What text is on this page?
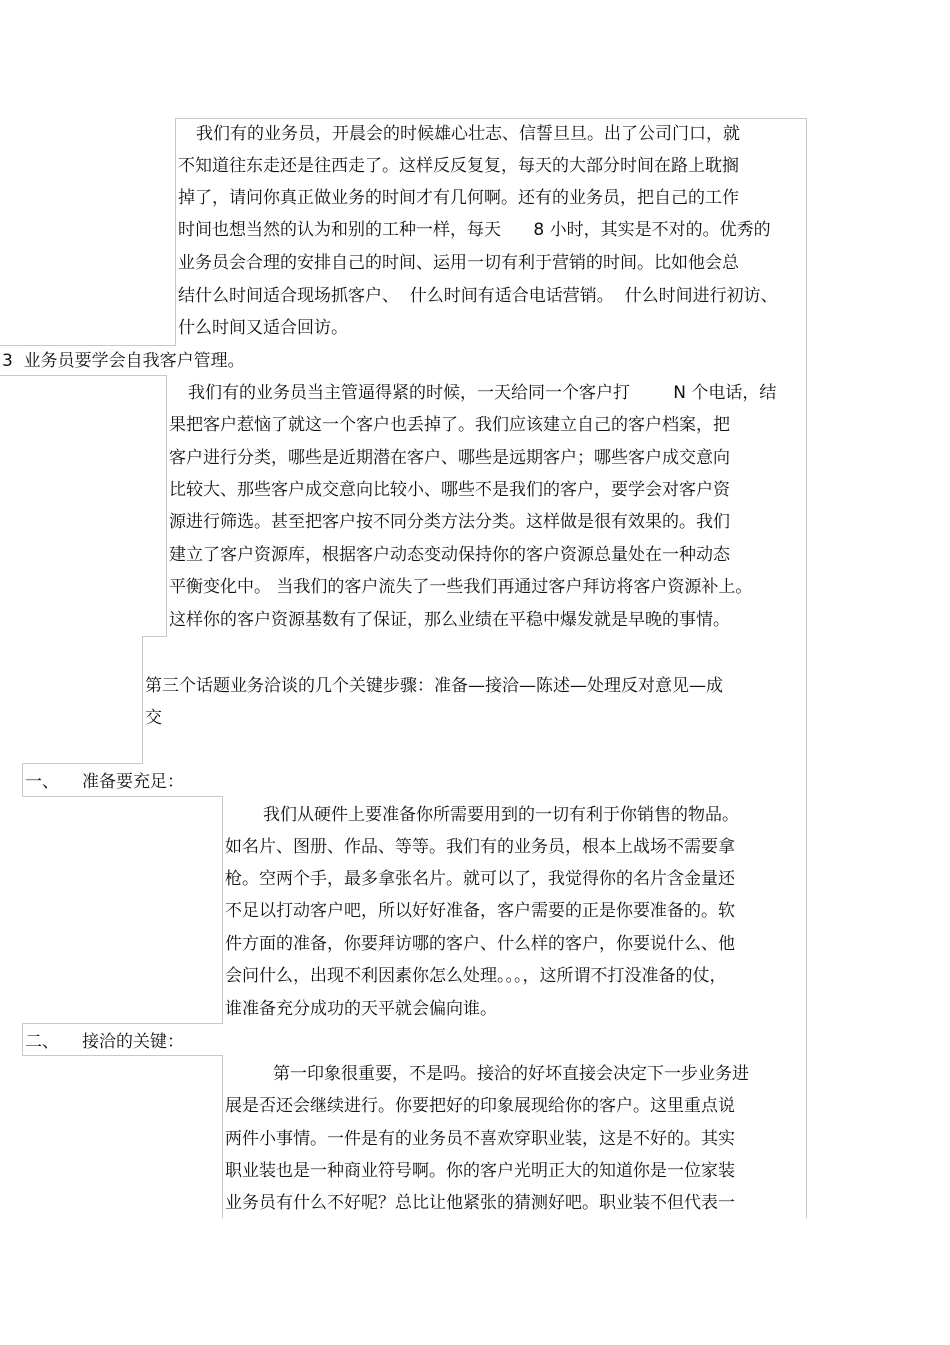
我们有的业务员，开晨会的时候雄心壮志、信誓旦旦。出了公司门口，就
不知道往东走还是往西走了。这样反反复复，每天的大部分时间在路上耽搁
掉了，请问你真正做业务的时间才有几何啊。还有的业务员，把自己的工作
时间也想当然的认为和别的工种一样，每天      8 小时，其实是不对的。优秀的
业务员会合理的安排自己的时间、运用一切有利于营销的时间。比如他会总
结什么时间适合现场抓客户、  什么时间有适合电话营销。  什么时间进行初访、
什么时间又适合回访。
3  业务员要学会自我客户管理。
我们有的业务员当主管逼得紧的时候，一天给同一个客户打        N 个电话，结
果把客户惹恼了就这一个客户也丢掉了。我们应该建立自己的客户档案，把
客户进行分类，哪些是近期潜在客户、哪些是远期客户；哪些客户成交意向
比较大、那些客户成交意向比较小、哪些不是我们的客户，要学会对客户资
源进行筛选。甚至把客户按不同分类方法分类。这样做是很有效果的。我们
建立了客户资源库，根据客户动态变动保持你的客户资源总量处在一种动态
平衡变化中。 当我们的客户流失了一些我们再通过客户拜访将客户资源补上。
这样你的客户资源基数有了保证，那么业绩在平稳中爆发就是早晚的事情。
第三个话题业务洽谈的几个关键步骤：准备—接洽—陈述—处理反对意见—成
交
一、 准备要充足：
我们从硬件上要准备你所需要用到的一切有利于你销售的物品。
如名片、图册、作品、等等。我们有的业务员，根本上战场不需要拿
枪。空两个手，最多拿张名片。就可以了，我觉得你的名片含金量还
不足以打动客户吧，所以好好准备，客户需要的正是你要准备的。软
件方面的准备，你要拜访哪的客户、什么样的客户，你要说什么、他
会问什么，出现不利因素你怎么处理。。。，这所谓不打没准备的仗，
谁准备充分成功的天平就会偏向谁。
二、 接洽的关键：
第一印象很重要，不是吗。接洽的好坏直接会决定下一步业务进
展是否还会继续进行。你要把好的印象展现给你的客户。这里重点说
两件小事情。一件是有的业务员不喜欢穿职业装，这是不好的。其实
职业装也是一种商业符号啊。你的客户光明正大的知道你是一位家装
业务员有什么不好呢？总比让他紧张的猜测好吧。职业装不但代表一
